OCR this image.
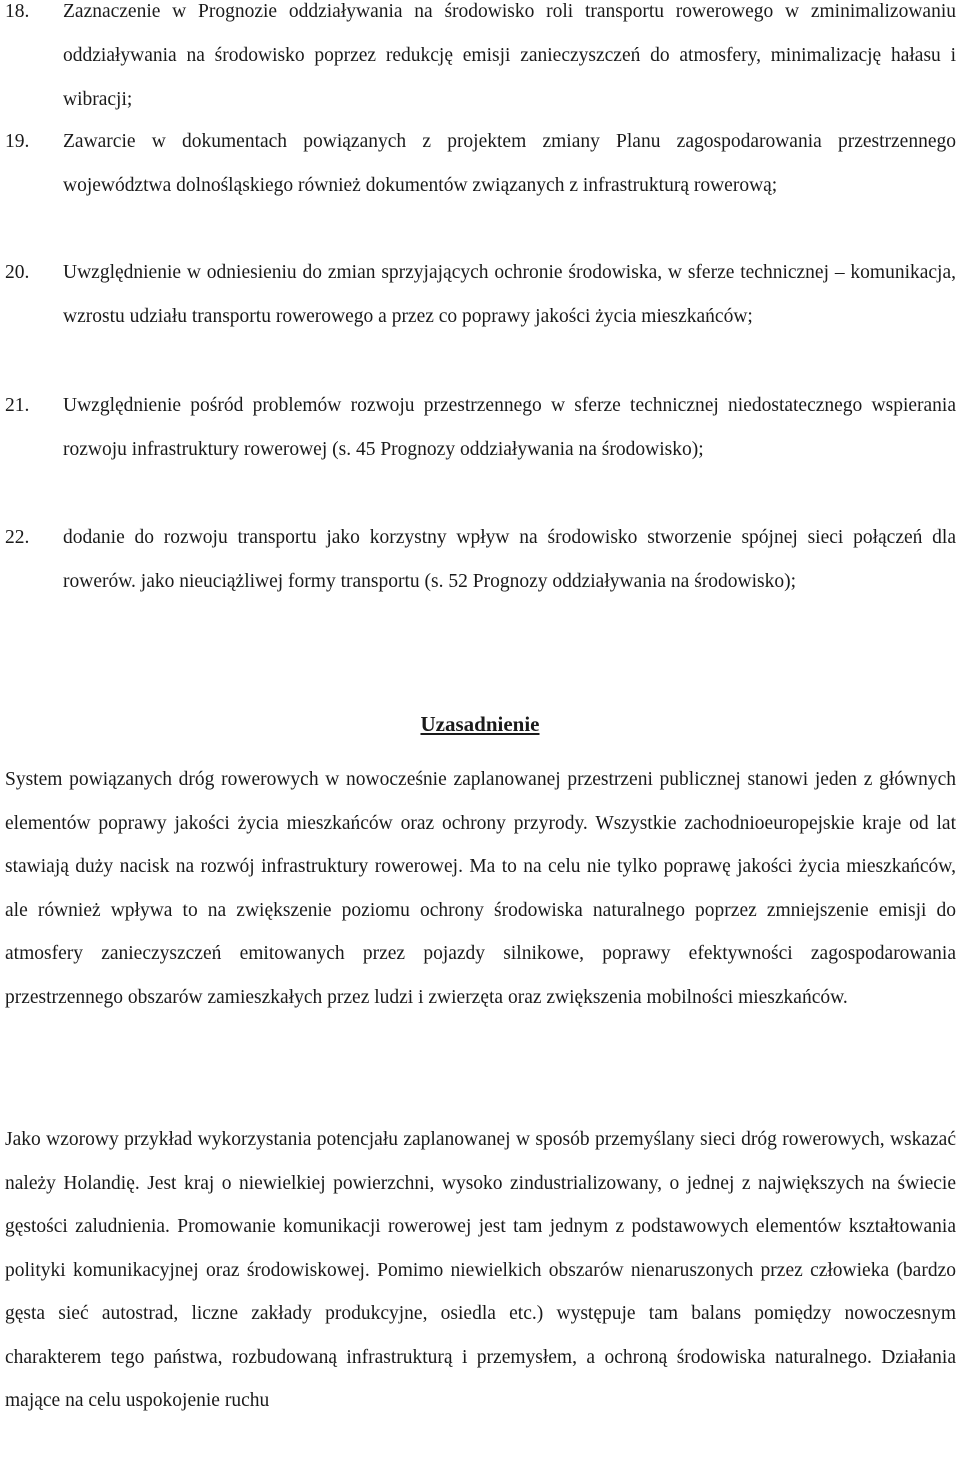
18. Zaznaczenie w Prognozie oddziaływania na środowisko roli transportu rowerowego w zminimalizowaniu oddziaływania na środowisko poprzez redukcję emisji zanieczyszczeń do atmosfery, minimalizację hałasu i wibracji;
19. Zawarcie w dokumentach powiązanych z projektem zmiany Planu zagospodarowania przestrzennego województwa dolnośląskiego również dokumentów związanych z infrastrukturą rowerową;
20. Uwzględnienie w odniesieniu do zmian sprzyjających ochronie środowiska, w sferze technicznej – komunikacja, wzrostu udziału transportu rowerowego a przez co poprawy jakości życia mieszkańców;
21. Uwzględnienie pośród problemów rozwoju przestrzennego w sferze technicznej niedostatecznego wspierania rozwoju infrastruktury rowerowej (s. 45 Prognozy oddziaływania na środowisko);
22. dodanie do rozwoju transportu jako korzystny wpływ na środowisko stworzenie spójnej sieci połączeń dla rowerów. jako nieuciążliwej formy transportu (s. 52 Prognozy oddziaływania na środowisko);
Uzasadnienie

System powiązanych dróg rowerowych w nowocześnie zaplanowanej przestrzeni publicznej stanowi jeden z głównych elementów poprawy jakości życia mieszkańców oraz ochrony przyrody. Wszystkie zachodnioeuropejskie kraje od lat stawiają duży nacisk na rozwój infrastruktury rowerowej. Ma to na celu nie tylko poprawę jakości życia mieszkańców, ale również wpływa to na zwiększenie poziomu ochrony środowiska naturalnego poprzez zmniejszenie emisji do atmosfery zanieczyszczeń emitowanych przez pojazdy silnikowe, poprawy efektywności zagospodarowania przestrzennego obszarów zamieszkałych przez ludzi i zwierzęta oraz zwiększenia mobilności mieszkańców.

Jako wzorowy przykład wykorzystania potencjału zaplanowanej w sposób przemyślany sieci dróg rowerowych, wskazać należy Holandię. Jest kraj o niewielkiej powierzchni, wysoko zindustrializowany, o jednej z największych na świecie gęstości zaludnienia. Promowanie komunikacji rowerowej jest tam jednym z podstawowych elementów kształtowania polityki komunikacyjnej oraz środowiskowej. Pomimo niewielkich obszarów nienaruszonych przez człowieka (bardzo gęsta sieć autostrad, liczne zakłady produkcyjne, osiedla etc.) występuje tam balans pomiędzy nowoczesnym charakterem tego państwa, rozbudowaną infrastrukturą i przemysłem, a ochroną środowiska naturalnego. Działania mające na celu uspokojenie ruchu
